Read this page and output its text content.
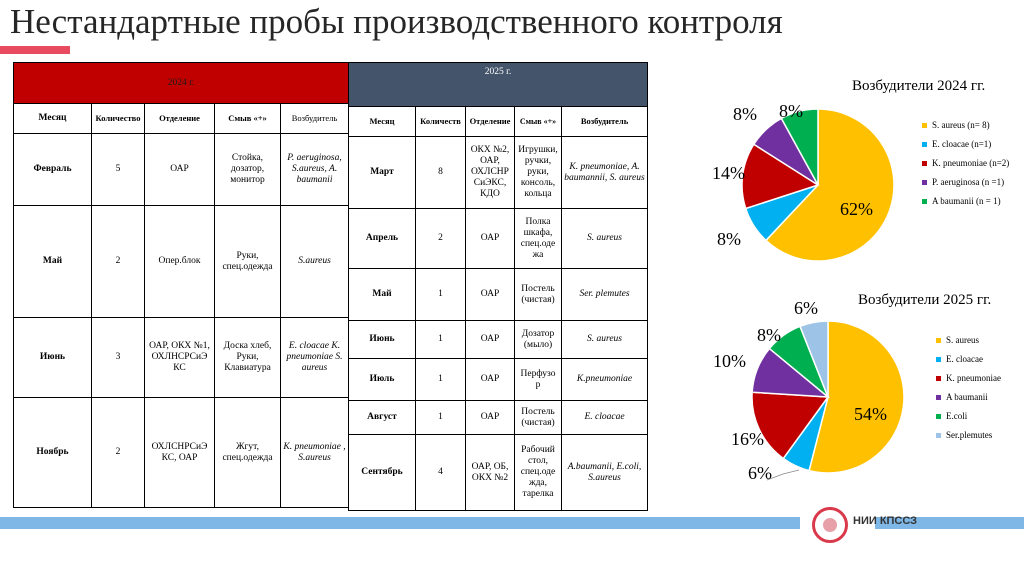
Нестандартные пробы производственного контроля
2024 г.				
Месяц	Количество	Отделение	Смыв «+»	Возбудитель
Февраль	5	ОАР	Стойка, дозатор, монитор	P. aeruginosa, S.aureus, A. baumanii
Май	2	Опер.блок	Руки, спец.одежда	S.aureus
Июнь	3	ОАР, ОКХ №1, ОХЛНСРСиЭ КС	Доска хлеб, Руки, Клавиатура	E. cloacae K. pneumoniae S. aureus
Ноябрь	2	ОХЛСНРСиЭ КС, ОАР	Жгут, спец.одежда	K. pneumoniae , S.aureus
2025 г.				
Месяц	Количеств	Отделение	Смыв «+»	Возбудитель
Март	8	ОКХ №2, ОАР, ОХЛСНР СиЭКС, КДО	Игрушки, ручки, руки, консоль, кольца	K. pneumoniae, A. baumannii, S. aureus
Апрель	2	ОАР	Полка шкафа, спец.оде жа	S. aureus
Май	1	ОАР	Постель (чистая)	Ser. plemutes
Июнь	1	ОАР	Дозатор (мыло)	S. aureus
Июль	1	ОАР	Перфузо р	K.pneumoniae
Август	1	ОАР	Постель (чистая)	E. cloacae
Сентябрь	4	ОАР, ОБ, ОКХ №2	Рабочий стол, спец.оде жда, тарелка	A.baumanii, E.coli, S.aureus
Возбудители 2024 гг.
62%
8%
14%
8% 8%
S. aureus (n= 8)
E. cloacae (n=1)
K. pneumoniae (n=2)
P. aeruginosa (n =1)
A baumanii (n = 1)
Возбудители 2025 гг.
54%
6%
16%
10%
8%
6%
S. aureus
E. cloacae
K. pneumoniae
A baumanii
E.coli
Ser.plemutes
НИИ КПССЗ
